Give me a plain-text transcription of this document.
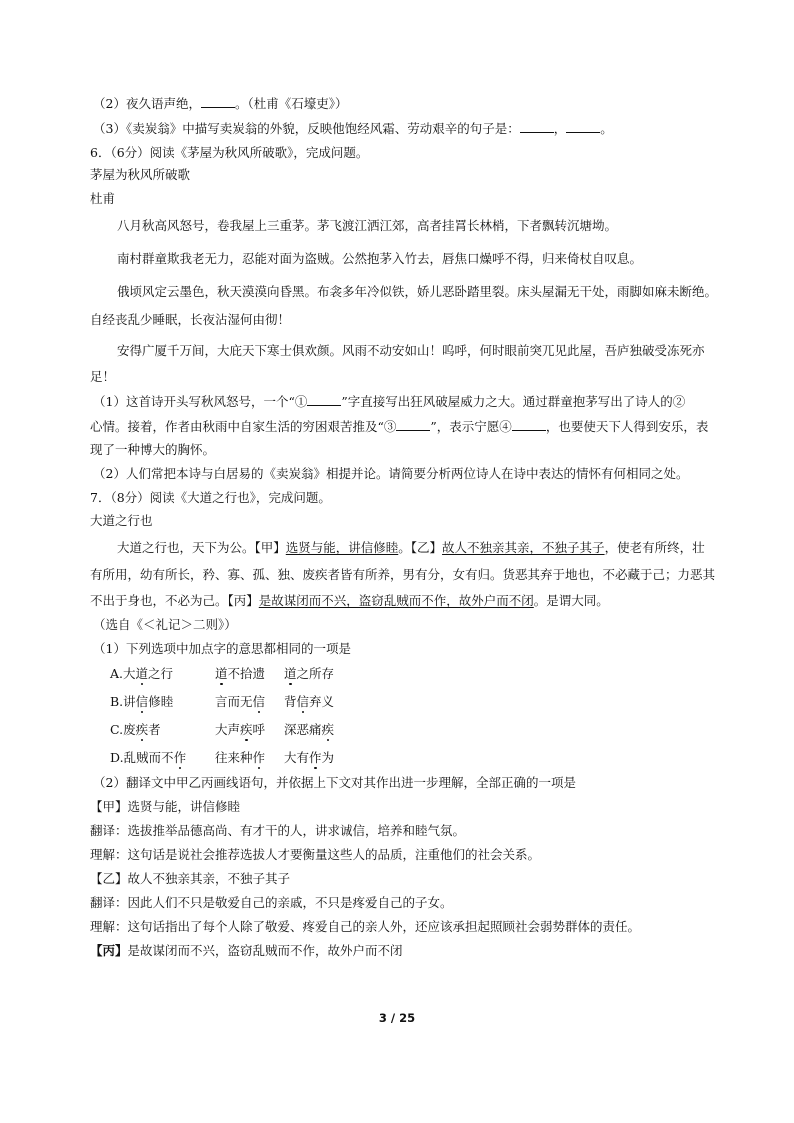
（2）夜久语声绝，	。（杜甫《石壕吏》）
（3）《卖炭翁》中描写卖炭翁的外貌，反映他饱经风霜、劳动艰辛的句子是：	，	。
6．（6分）阅读《茅屋为秋风所破歌》，完成问题。
茅屋为秋风所破歌
杜甫
八月秋高风怒号，卷我屋上三重茅。茅飞渡江洒江郊，高者挂罥长林梢，下者飘转沉塘坳。
南村群童欺我老无力，忍能对面为盗贼。公然抱茅入竹去，唇焦口燥呼不得，归来倚杖自叹息。
俄顷风定云墨色，秋天漠漠向昏黑。布衾多年冷似铁，娇儿恶卧踏里裂。床头屋漏无干处，雨脚如麻未断绝。
自经丧乱少睡眠，长夜沾湿何由彻！
安得广厦千万间，大庇天下寒士俱欢颜。风雨不动安如山！呜呼，何时眼前突兀见此屋，吾庐独破受冻死亦
足！
（1）这首诗开头写秋风怒号，一个“①	”字直接写出狂风破屋威力之大。通过群童抱茅写出了诗人的②
心情。接着，作者由秋雨中自家生活的穷困艰苦推及“③	”，表示宁愿④	，也要使天下人得到安乐，表
现了一种博大的胸怀。
（2）人们常把本诗与白居易的《卖炭翁》相提并论。请简要分析两位诗人在诗中表达的情怀有何相同之处。
7．（8分）阅读《大道之行也》，完成问题。
大道之行也
大道之行也，天下为公。【甲】选贤与能，讲信修睦。【乙】故人不独亲其亲，不独子其子，使老有所终，壮
有所用，幼有所长，矜、寡、孤、独、废疾者皆有所养，男有分，女有归。货恶其弃于地也，不必藏于己；力恶其
不出于身也，不必为己。【丙】是故谋闭而不兴，盗窃乱贼而不作，故外户而不闭。是谓大同。
（选自《＜礼记＞二则》）
（1）下列选项中加点字的意思都相同的一项是
A.大道之行	道不拾遗 道之所存
B.讲信修睦	言而无信 背信弃义
C.废疾者	大声疾呼 深恶痛疾
D.乱贼而不作 往来种作 大有作为
（2）翻译文中甲乙丙画线语句，并依据上下文对其作出进一步理解，全部正确的一项是
【甲】选贤与能，讲信修睦
翻译：选拔推举品德高尚、有才干的人，讲求诚信，培养和睦气氛。
理解：这句话是说社会推荐选拔人才要衡量这些人的品质，注重他们的社会关系。
【乙】故人不独亲其亲，不独子其子
翻译：因此人们不只是敬爱自己的亲戚，不只是疼爱自己的子女。
理解：这句话指出了每个人除了敬爱、疼爱自己的亲人外，还应该承担起照顾社会弱势群体的责任。
【丙】是故谋闭而不兴，盗窃乱贼而不作，故外户而不闭
3 / 25
